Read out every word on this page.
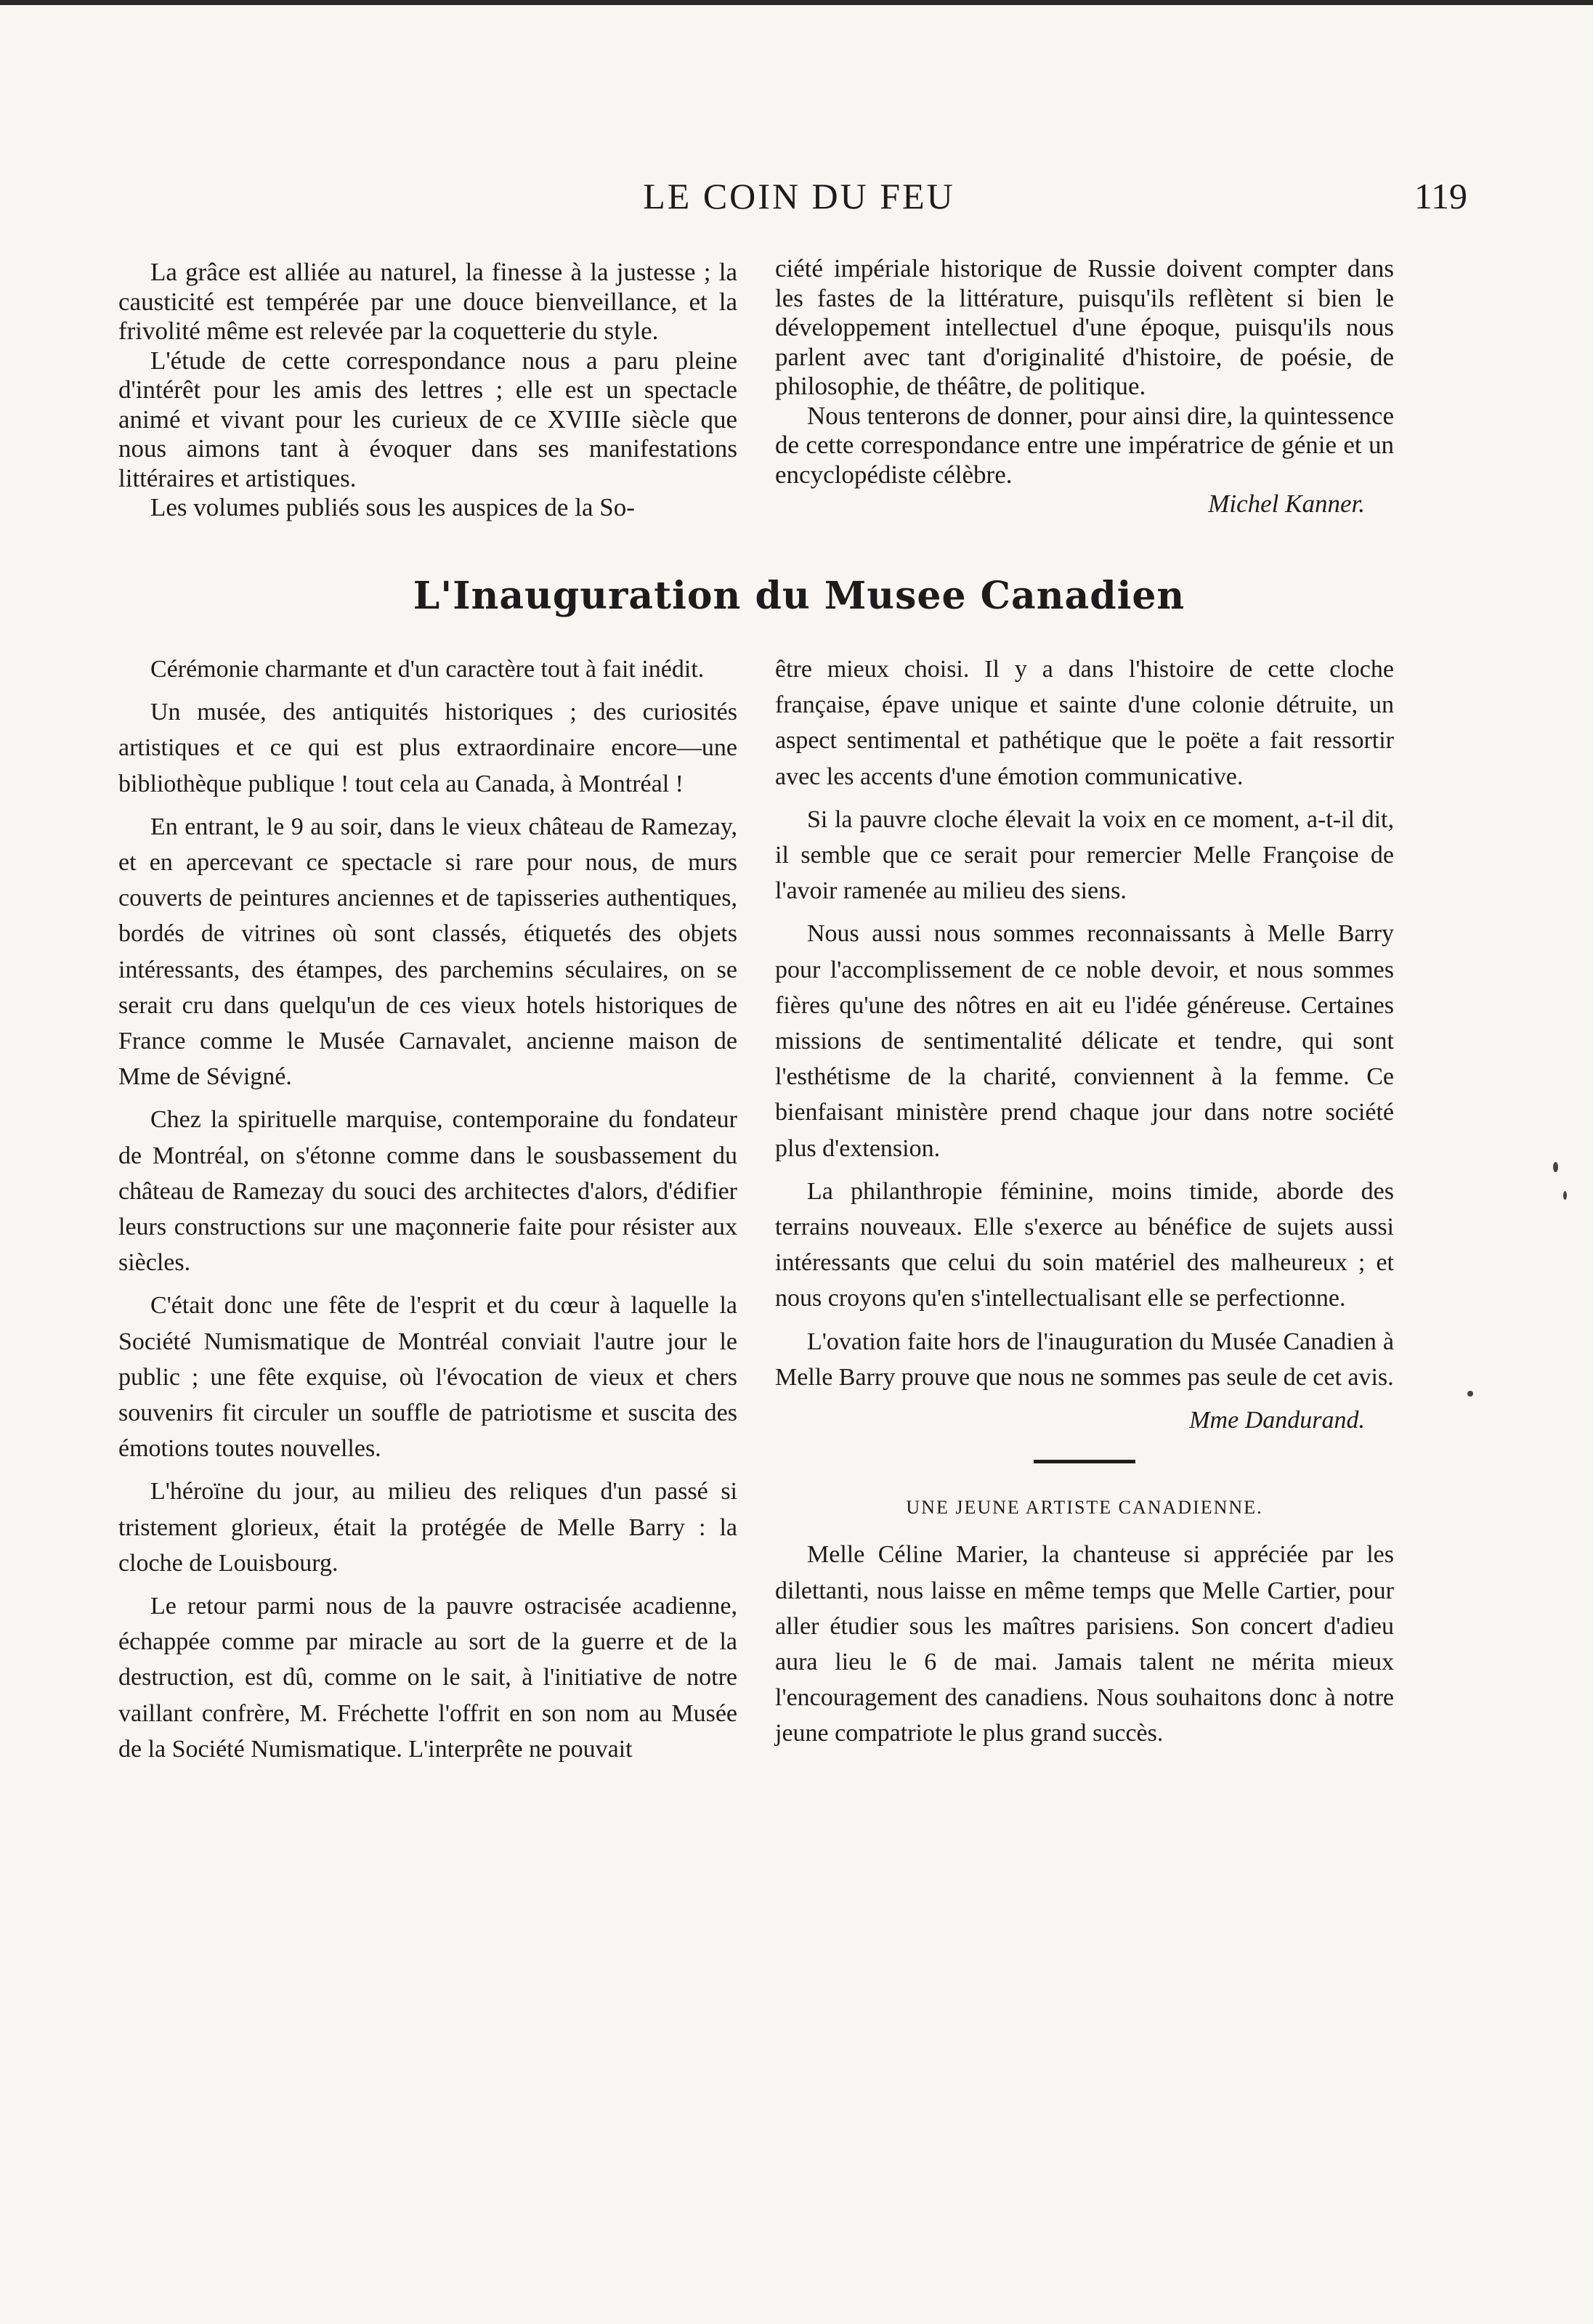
LE COIN DU FEU	119

La grâce est alliée au naturel, la finesse à la justesse ; la causticité est tempérée par une douce bienveillance, et la frivolité même est relevée par la coquetterie du style.

L'étude de cette correspondance nous a paru pleine d'intérêt pour les amis des lettres ; elle est un spectacle animé et vivant pour les curieux de ce XVIIIe siècle que nous aimons tant à évoquer dans ses manifestations littéraires et artistiques.

Les volumes publiés sous les auspices de la So-

ciété impériale historique de Russie doivent compter dans les fastes de la littérature, puisqu'ils reflètent si bien le développement intellectuel d'une époque, puisqu'ils nous parlent avec tant d'originalité d'histoire, de poésie, de philosophie, de théâtre, de politique.

Nous tenterons de donner, pour ainsi dire, la quintessence de cette correspondance entre une impératrice de génie et un encyclopédiste célèbre.

Michel Kanner.

L'Inauguration du Musee Canadien

Cérémonie charmante et d'un caractère tout à fait inédit.

Un musée, des antiquités historiques ; des curiosités artistiques et ce qui est plus extraordinaire encore—une bibliothèque publique ! tout cela au Canada, à Montréal !

En entrant, le 9 au soir, dans le vieux château de Ramezay, et en apercevant ce spectacle si rare pour nous, de murs couverts de peintures anciennes et de tapisseries authentiques, bordés de vitrines où sont classés, étiquetés des objets intéressants, des étampes, des parchemins séculaires, on se serait cru dans quelqu'un de ces vieux hotels historiques de France comme le Musée Carnavalet, ancienne maison de Mme de Sévigné.

Chez la spirituelle marquise, contemporaine du fondateur de Montréal, on s'étonne comme dans le sousbassement du château de Ramezay du souci des architectes d'alors, d'édifier leurs constructions sur une maçonnerie faite pour résister aux siècles.

C'était donc une fête de l'esprit et du cœur à laquelle la Société Numismatique de Montréal conviait l'autre jour le public ; une fête exquise, où l'évocation de vieux et chers souvenirs fit circuler un souffle de patriotisme et suscita des émotions toutes nouvelles.

L'héroïne du jour, au milieu des reliques d'un passé si tristement glorieux, était la protégée de Melle Barry : la cloche de Louisbourg.

Le retour parmi nous de la pauvre ostracisée acadienne, échappée comme par miracle au sort de la guerre et de la destruction, est dû, comme on le sait, à l'initiative de notre vaillant confrère, M. Fréchette l'offrit en son nom au Musée de la Société Numismatique. L'interprête ne pouvait

être mieux choisi. Il y a dans l'histoire de cette cloche française, épave unique et sainte d'une colonie détruite, un aspect sentimental et pathétique que le poëte a fait ressortir avec les accents d'une émotion communicative.

Si la pauvre cloche élevait la voix en ce moment, a-t-il dit, il semble que ce serait pour remercier Melle Françoise de l'avoir ramenée au milieu des siens.

Nous aussi nous sommes reconnaissants à Melle Barry pour l'accomplissement de ce noble devoir, et nous sommes fières qu'une des nôtres en ait eu l'idée généreuse. Certaines missions de sentimentalité délicate et tendre, qui sont l'esthétisme de la charité, conviennent à la femme. Ce bienfaisant ministère prend chaque jour dans notre société plus d'extension.

La philanthropie féminine, moins timide, aborde des terrains nouveaux. Elle s'exerce au bénéfice de sujets aussi intéressants que celui du soin matériel des malheureux ; et nous croyons qu'en s'intellectualisant elle se perfectionne.

L'ovation faite hors de l'inauguration du Musée Canadien à Melle Barry prouve que nous ne sommes pas seule de cet avis.

Mme Dandurand.

UNE JEUNE ARTISTE CANADIENNE.

Melle Céline Marier, la chanteuse si appréciée par les dilettanti, nous laisse en même temps que Melle Cartier, pour aller étudier sous les maîtres parisiens. Son concert d'adieu aura lieu le 6 de mai. Jamais talent ne mérita mieux l'encouragement des canadiens. Nous souhaitons donc à notre jeune compatriote le plus grand succès.
